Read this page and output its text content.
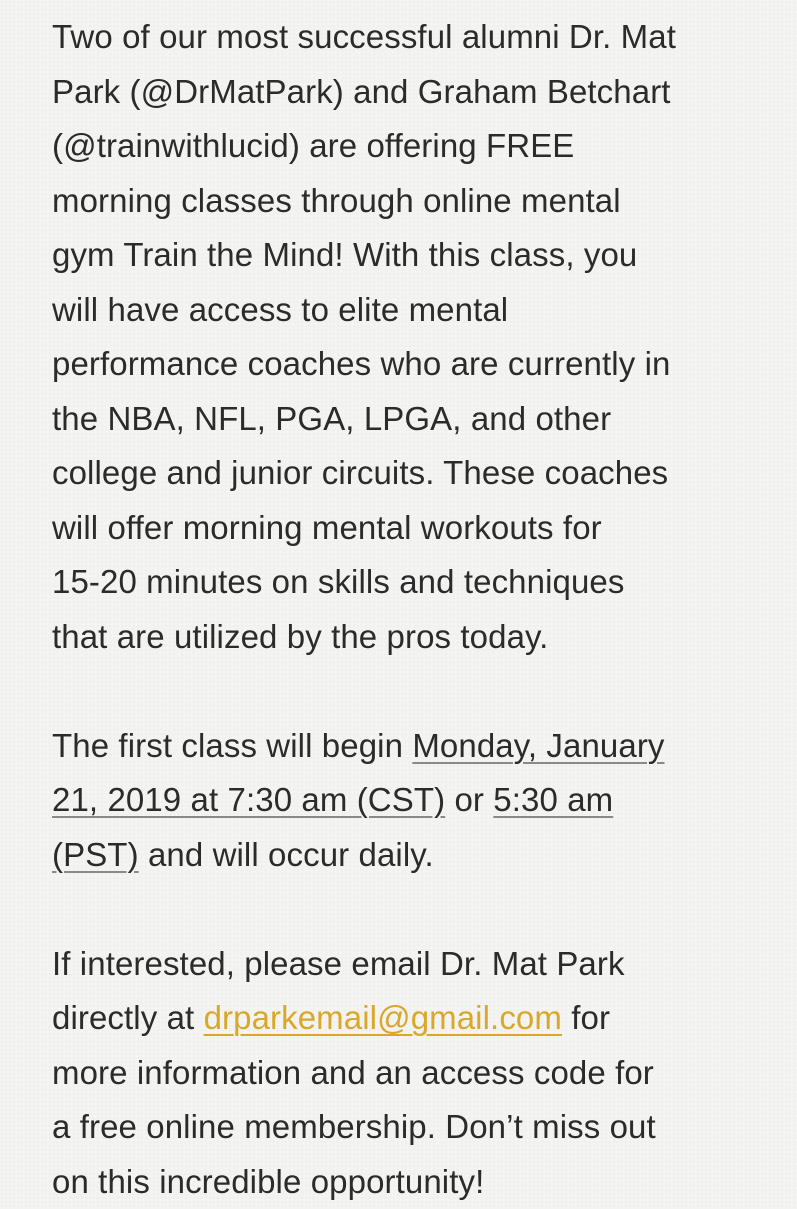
Two of our most successful alumni Dr. Mat
Park (@DrMatPark) and Graham Betchart
(@trainwithlucid) are offering FREE
morning classes through online mental
gym Train the Mind! With this class, you
will have access to elite mental
performance coaches who are currently in
the NBA, NFL, PGA, LPGA, and other
college and junior circuits. These coaches
will offer morning mental workouts for
15-20 minutes on skills and techniques
that are utilized by the pros today.
The first class will begin Monday, January
21, 2019 at 7:30 am (CST) or 5:30 am
(PST) and will occur daily.
If interested, please email Dr. Mat Park
directly at drparkemail@gmail.com for
more information and an access code for
a free online membership. Don’t miss out
on this incredible opportunity!
